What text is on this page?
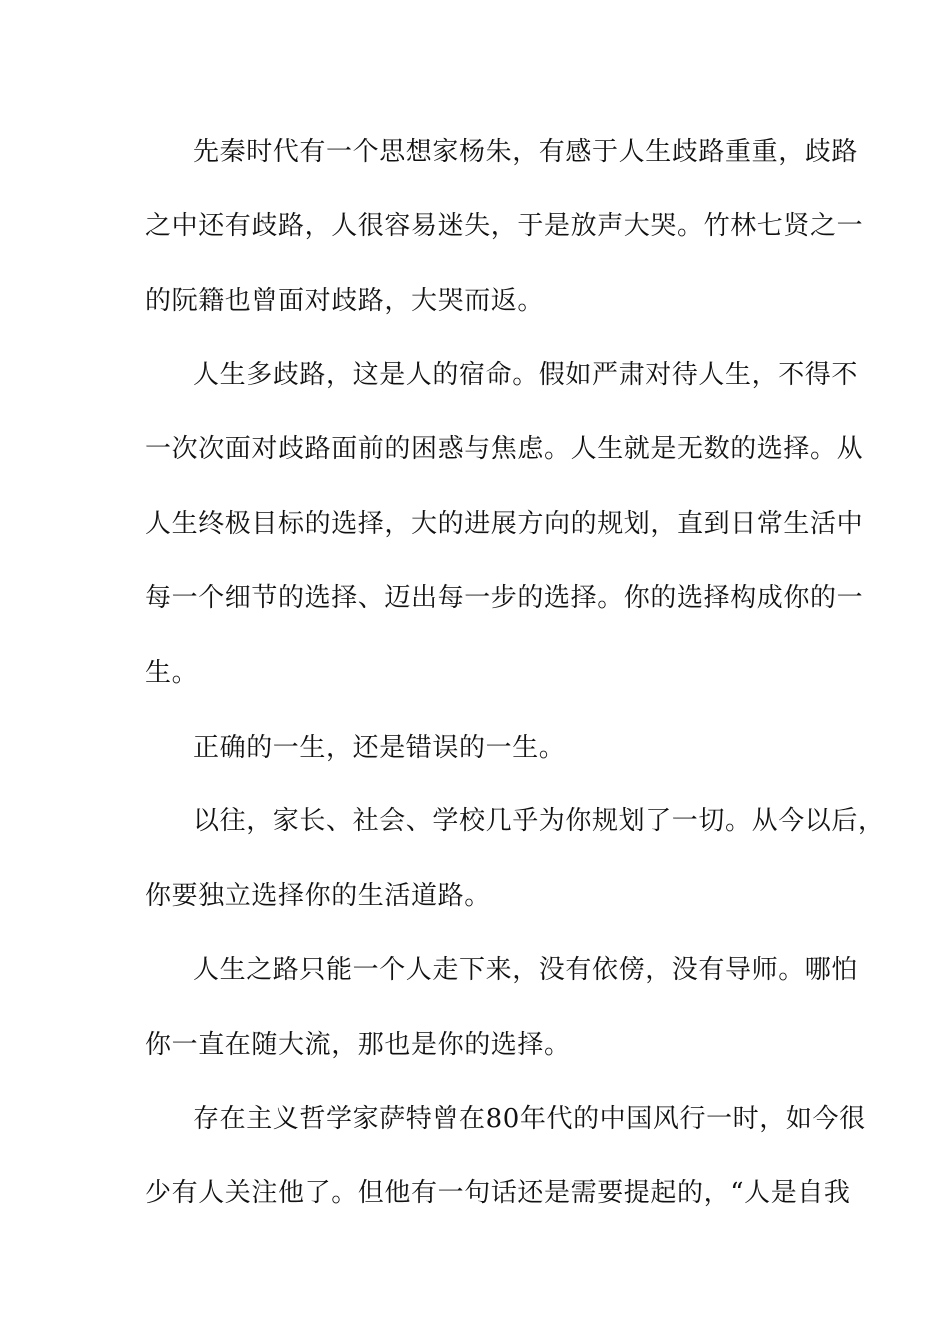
先秦时代有一个思想家杨朱，有感于人生歧路重重，歧路

之中还有歧路，人很容易迷失，于是放声大哭。竹林七贤之一

的阮籍也曾面对歧路，大哭而返。

人生多歧路，这是人的宿命。假如严肃对待人生，不得不

一次次面对歧路面前的困惑与焦虑。人生就是无数的选择。从

人生终极目标的选择，大的进展方向的规划，直到日常生活中

每一个细节的选择、迈出每一步的选择。你的选择构成你的一

生。

正确的一生，还是错误的一生。

以往，家长、社会、学校几乎为你规划了一切。从今以后，

你要独立选择你的生活道路。

人生之路只能一个人走下来，没有依傍，没有导师。哪怕

你一直在随大流，那也是你的选择。

存在主义哲学家萨特曾在80年代的中国风行一时，如今很

少有人关注他了。但他有一句话还是需要提起的，“人是自我
